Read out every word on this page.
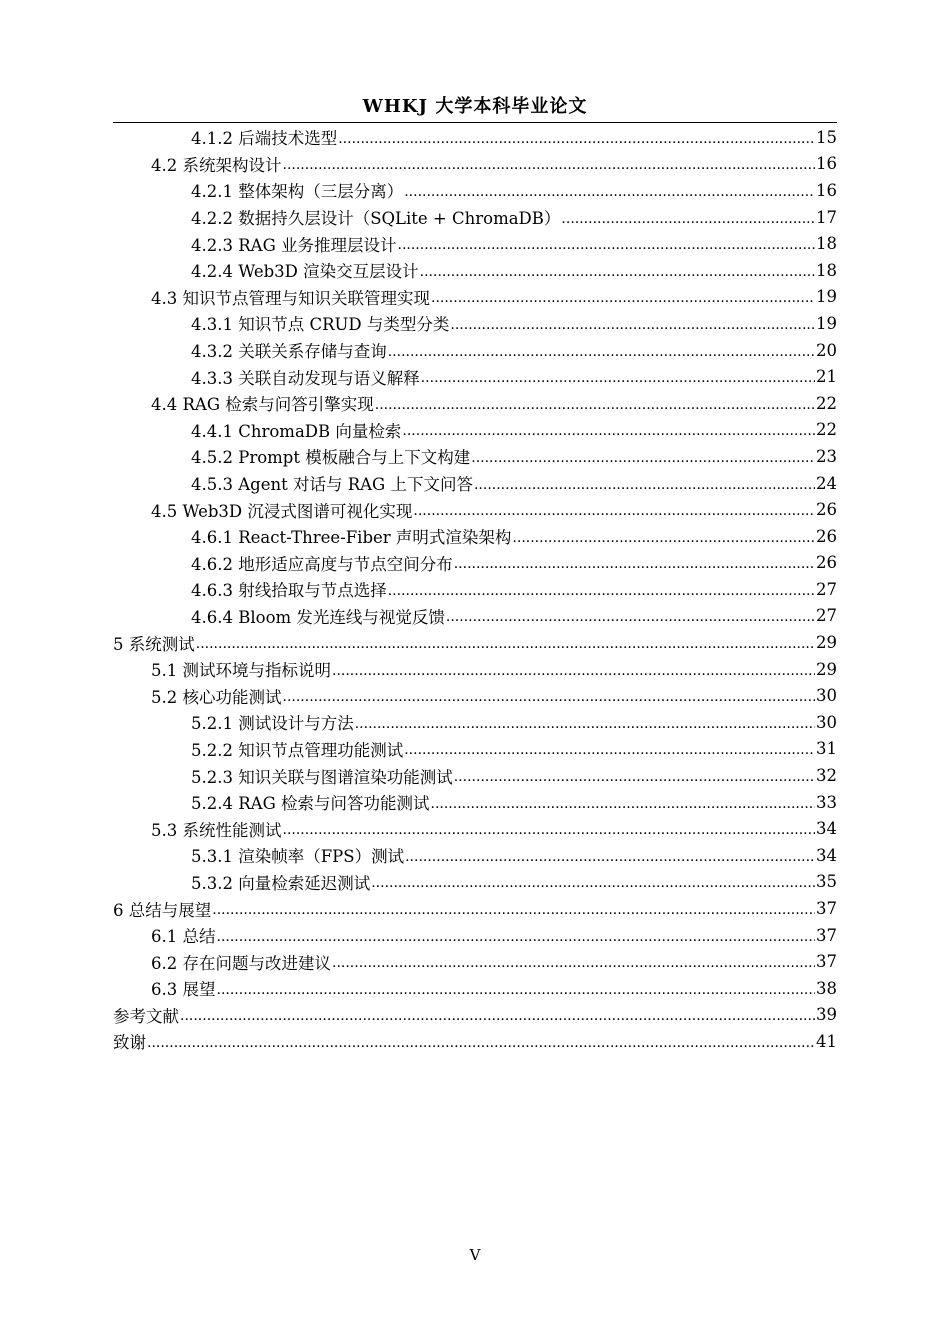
WHKJ 大学本科毕业论文
4.1.2 后端技术选型 .....	15
4.2 系统架构设计 .....	16
4.2.1 整体架构（三层分离） .....	16
4.2.2 数据持久层设计（SQLite + ChromaDB） .....	17
4.2.3 RAG 业务推理层设计 .....	18
4.2.4 Web3D 渲染交互层设计 .....	18
4.3 知识节点管理与知识关联管理实现 .....	19
4.3.1 知识节点 CRUD 与类型分类 .....	19
4.3.2 关联关系存储与查询 .....	20
4.3.3 关联自动发现与语义解释 .....	21
4.4 RAG 检索与问答引擎实现 .....	22
4.4.1 ChromaDB 向量检索 .....	22
4.5.2 Prompt 模板融合与上下文构建 .....	23
4.5.3 Agent 对话与 RAG 上下文问答 .....	24
4.5 Web3D 沉浸式图谱可视化实现 .....	26
4.6.1 React-Three-Fiber 声明式渲染架构 .....	26
4.6.2 地形适应高度与节点空间分布 .....	26
4.6.3 射线拾取与节点选择 .....	27
4.6.4 Bloom 发光连线与视觉反馈 .....	27
5 系统测试 .....	29
5.1 测试环境与指标说明 .....	29
5.2 核心功能测试 .....	30
5.2.1 测试设计与方法 .....	30
5.2.2 知识节点管理功能测试 .....	31
5.2.3 知识关联与图谱渲染功能测试 .....	32
5.2.4 RAG 检索与问答功能测试 .....	33
5.3 系统性能测试 .....	34
5.3.1 渲染帧率（FPS）测试 .....	34
5.3.2 向量检索延迟测试 .....	35
6 总结与展望 .....	37
6.1 总结 .....	37
6.2 存在问题与改进建议 .....	37
6.3 展望 .....	38
参考文献 .....	39
致谢 .....	41
V
